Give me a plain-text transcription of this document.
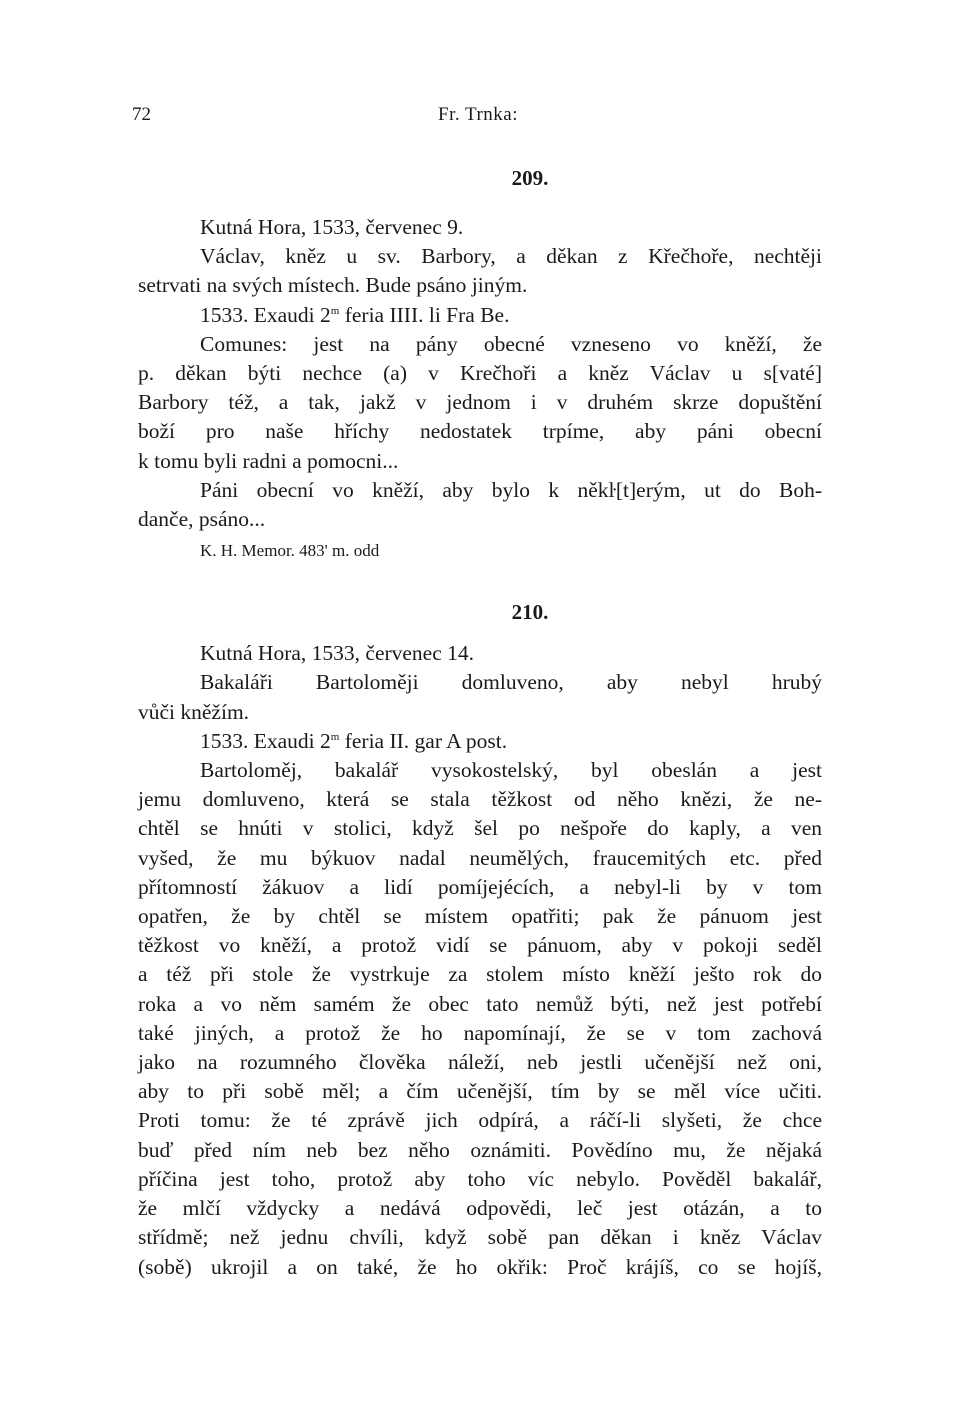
72	Fr. Trnka:
209.
Kutná Hora, 1533, červenec 9.
Václav, kněz u sv. Barbory, a děkan z Křečhoře, nechtěji
setrvati na svých místech. Bude psáno jiným.
1533. Exaudi 2$^m$ feria IIII. li Fra Be.
Comunes: jest na pány obecné vzneseno vo kněží, že
p. děkan býti nechce (a) v Krečhoři a kněz Václav u s[vaté]
Barbory též, a tak, jakž v jednom i v druhém skrze dopuštění
boží pro naše hříchy nedostatek trpíme, aby páni obecní
k tomu byli radni a pomocni...
Páni obecní vo kněží, aby bylo k někŀ[t]erým, ut do Boh-
danče, psáno...
K. H. Memor. 483' m. odd
210.
Kutná Hora, 1533, červenec 14.
Bakaláři Bartoloměji domluveno, aby nebyl hrubý
vůči kněžím.
1533. Exaudi 2$^m$ feria II. gar A post.
Bartoloměj, bakalář vysokostelský, byl obeslán a jest
jemu domluveno, která se stala těžkost od něho knězi, že ne-
chtěl se hnúti v stolici, když šel po nešpoře do kaply, a ven
vyšed, že mu býkuov nadal neumělých, fraucemitých etc. před
přítomností žákuov a lidí pomíjejécích, a nebyl-li by v tom
opatřen, že by chtěl se místem opatřiti; pak že pánuom jest
těžkost vo kněží, a protož vidí se pánuom, aby v pokoji seděl
a též při stole že vystrkuje za stolem místo kněží ješto rok do
roka a vo něm samém že obec tato nemůž býti, než jest potřebí
také jiných, a protož že ho napomínají, že se v tom zachová
jako na rozumného člověka náleží, neb jestli učenější než oni,
aby to při sobě měl; a čím učenější, tím by se měl více učiti.
Proti tomu: že té zprávě jich odpírá, a ráčí-li slyšeti, že chce
buď před ním neb bez něho oznámiti. Povědíno mu, že nějaká
příčina jest toho, protož aby toho víc nebylo. Pověděl bakalář,
že mlčí vždycky a nedává odpovědi, leč jest otázán, a to
střídmě; než jednu chvíli, když sobě pan děkan i kněz Václav
(sobě) ukrojil a on také, že ho okřik: Proč krájíš, co se hojíš,
